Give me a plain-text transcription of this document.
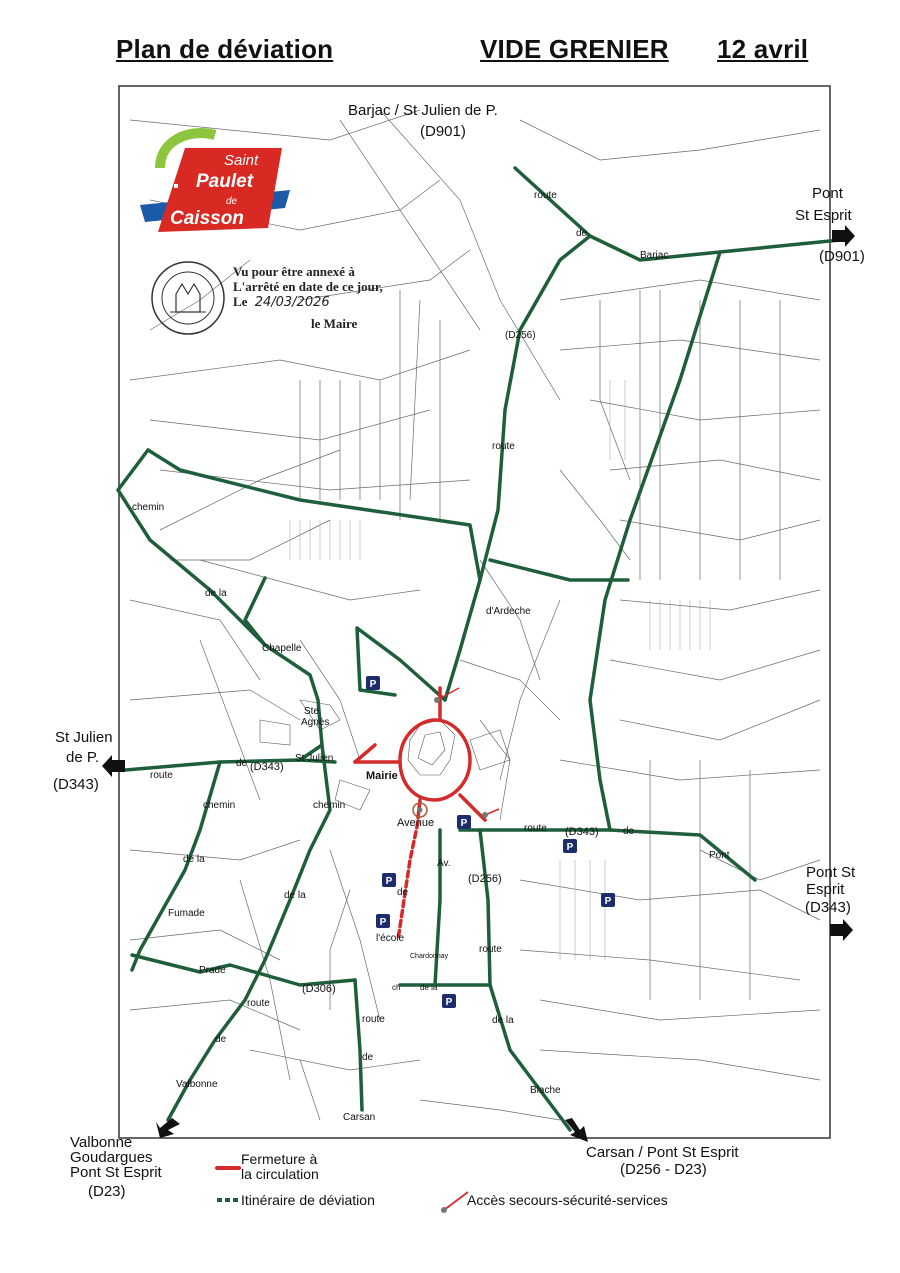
Plan de déviation	VIDE GRENIER 12 avril
P
P
P
P
P
P
P
route
de
Barjac
(D256)
route
chemin
de la
d'Ardeche
Chapelle
Ste
Agnès
St Julien
route
de (D343)
Mairie
chemin	chemin
Avenue	route (D343) de
Pont
de la	Av.
(D256)
de la	de
Fumade
l'école
Chardonnay
route
Prade
(D306)	ch de la
route
route	de la
de
de
Valbonne
Blache
Carsan
Barjac / St Julien de P.
(D901)
Pont
St Esprit
(D901)
St Julien
de P.
(D343)
Pont St
Esprit
(D343)
Valbonne
Goudargues
Pont St Esprit
(D23)
Carsan / Pont St Esprit
(D256 - D23)
Saint
Paulet
de
Caisson
Vu pour être annexé à
L'arrêté en date de ce jour,
Le 24/03/2026
le Maire
Fermeture à
la circulation
Itinéraire de déviation	Accès secours-sécurité-services
